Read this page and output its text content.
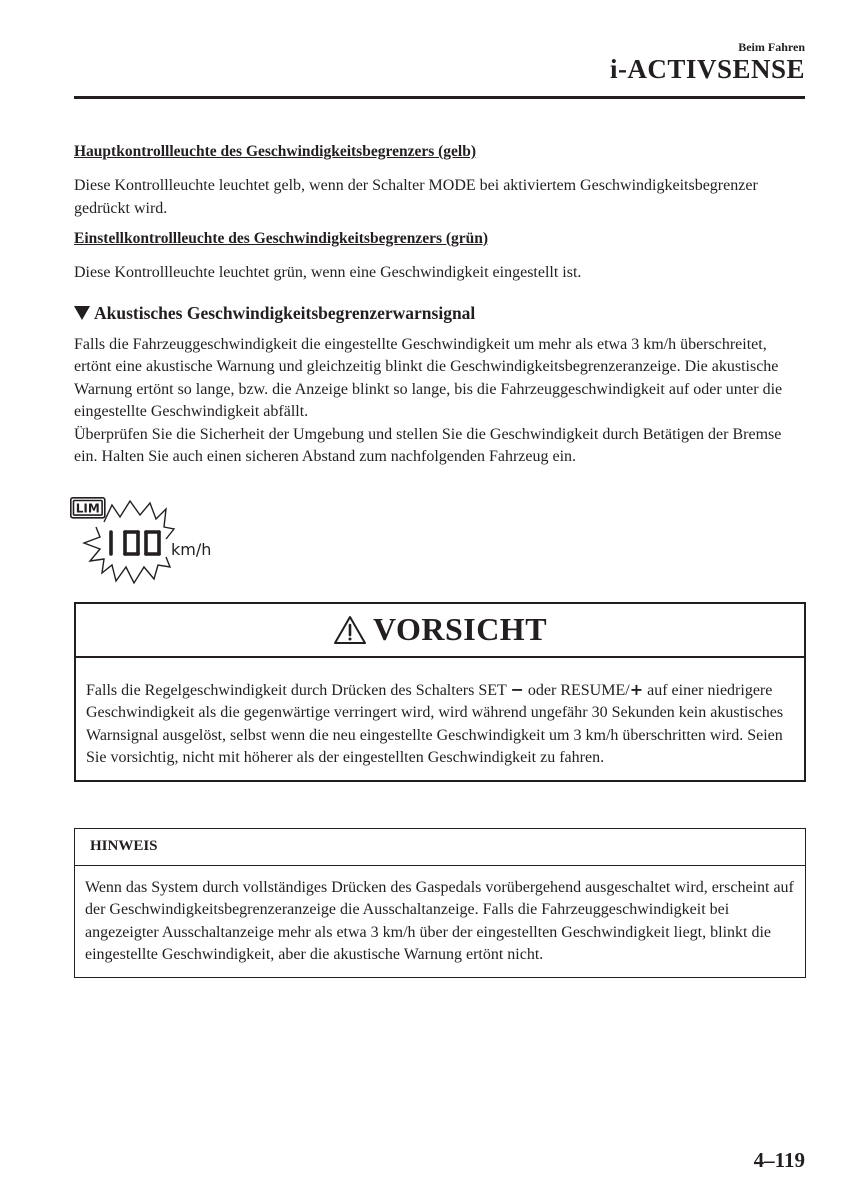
Beim Fahren
i-ACTIVSENSE
Hauptkontrollleuchte des Geschwindigkeitsbegrenzers (gelb)

Diese Kontrollleuchte leuchtet gelb, wenn der Schalter MODE bei aktiviertem Geschwindigkeitsbegrenzer gedrückt wird.

Einstellkontrollleuchte des Geschwindigkeitsbegrenzers (grün)

Diese Kontrollleuchte leuchtet grün, wenn eine Geschwindigkeit eingestellt ist.

Akustisches Geschwindigkeitsbegrenzerwarnsignal

Falls die Fahrzeuggeschwindigkeit die eingestellte Geschwindigkeit um mehr als etwa 3 km/h überschreitet, ertönt eine akustische Warnung und gleichzeitig blinkt die Geschwindigkeitsbegrenzeranzeige. Die akustische Warnung ertönt so lange, bzw. die Anzeige blinkt so lange, bis die Fahrzeuggeschwindigkeit auf oder unter die eingestellte Geschwindigkeit abfällt.

Überprüfen Sie die Sicherheit der Umgebung und stellen Sie die Geschwindigkeit durch Betätigen der Bremse ein. Halten Sie auch einen sicheren Abstand zum nachfolgenden Fahrzeug ein.

LIM
km/h
VORSICHT

Falls die Regelgeschwindigkeit durch Drücken des Schalters SET − oder RESUME/+ auf einer niedrigere Geschwindigkeit als die gegenwärtige verringert wird, wird während ungefähr 30 Sekunden kein akustisches Warnsignal ausgelöst, selbst wenn die neu eingestellte Geschwindigkeit um 3 km/h überschritten wird. Seien Sie vorsichtig, nicht mit höherer als der eingestellten Geschwindigkeit zu fahren.

HINWEIS

Wenn das System durch vollständiges Drücken des Gaspedals vorübergehend ausgeschaltet wird, erscheint auf der Geschwindigkeitsbegrenzeranzeige die Ausschaltanzeige. Falls die Fahrzeuggeschwindigkeit bei angezeigter Ausschaltanzeige mehr als etwa 3 km/h über der eingestellten Geschwindigkeit liegt, blinkt die eingestellte Geschwindigkeit, aber die akustische Warnung ertönt nicht.

4–119
